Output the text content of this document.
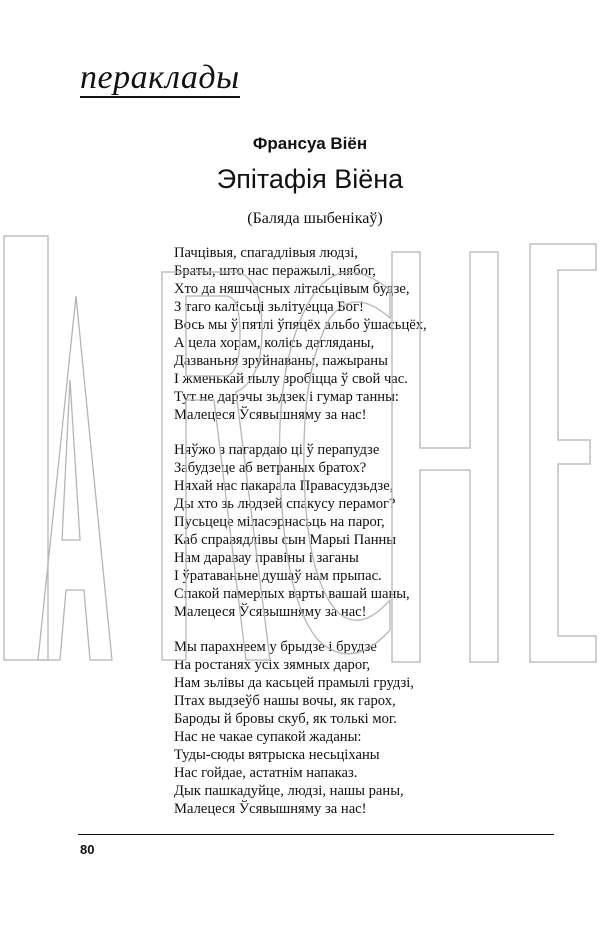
пераклады
Франсуа Віён
Эпітафія Віёна
(Баляда шыбенікаў)
Пачцівыя, спагадлівыя людзі,
Браты, што нас перажылі, нябог,
Хто да няшчасных літасьцівым будзе,
З таго калісьці зьлітуецца Бог!
Вось мы ў пятлі ўпяцёх альбо ўшасьцёх,
А цела хорам, колісь дагляданы,
Дазваньня зруйнаваны, пажыраны
І жменькай пылу зробіцца ў свой час.
Тут не дарэчы зьдзек і гумар танны:
Малецеся Ўсявышняму за нас!
Няўжо з пагардаю ці ў перапудзе
Забудзеце аб ветраных братох?
Няхай нас пакарала Правасудзьдзе,
Ды хто зь людзей спакусу перамог?
Пусьцеце міласэрнасьць на парог,
Каб справядлівы сын Марыі Панны
Нам даравау правіны і заганы
І ўратаваньне душаў нам прыпас.
Спакой памерлых варты вашай шаны,
Малецеся Ўсявышняму за нас!
Мы парахнеем у брыдзе і брудзе
На ростанях усіх зямных дарог,
Нам зьлівы да касьцей прамылі грудзі,
Птах выдзеўб нашы вочы, як гарох,
Бароды й бровы скуб, як толькі мог.
Нас не чакае супакой жаданы:
Туды-сюды вятрыска несьціханы
Нас гойдае, астатнім напаказ.
Дык пашкадуйце, людзі, нашы раны,
Малецеся Ўсявышняму за нас!
80
